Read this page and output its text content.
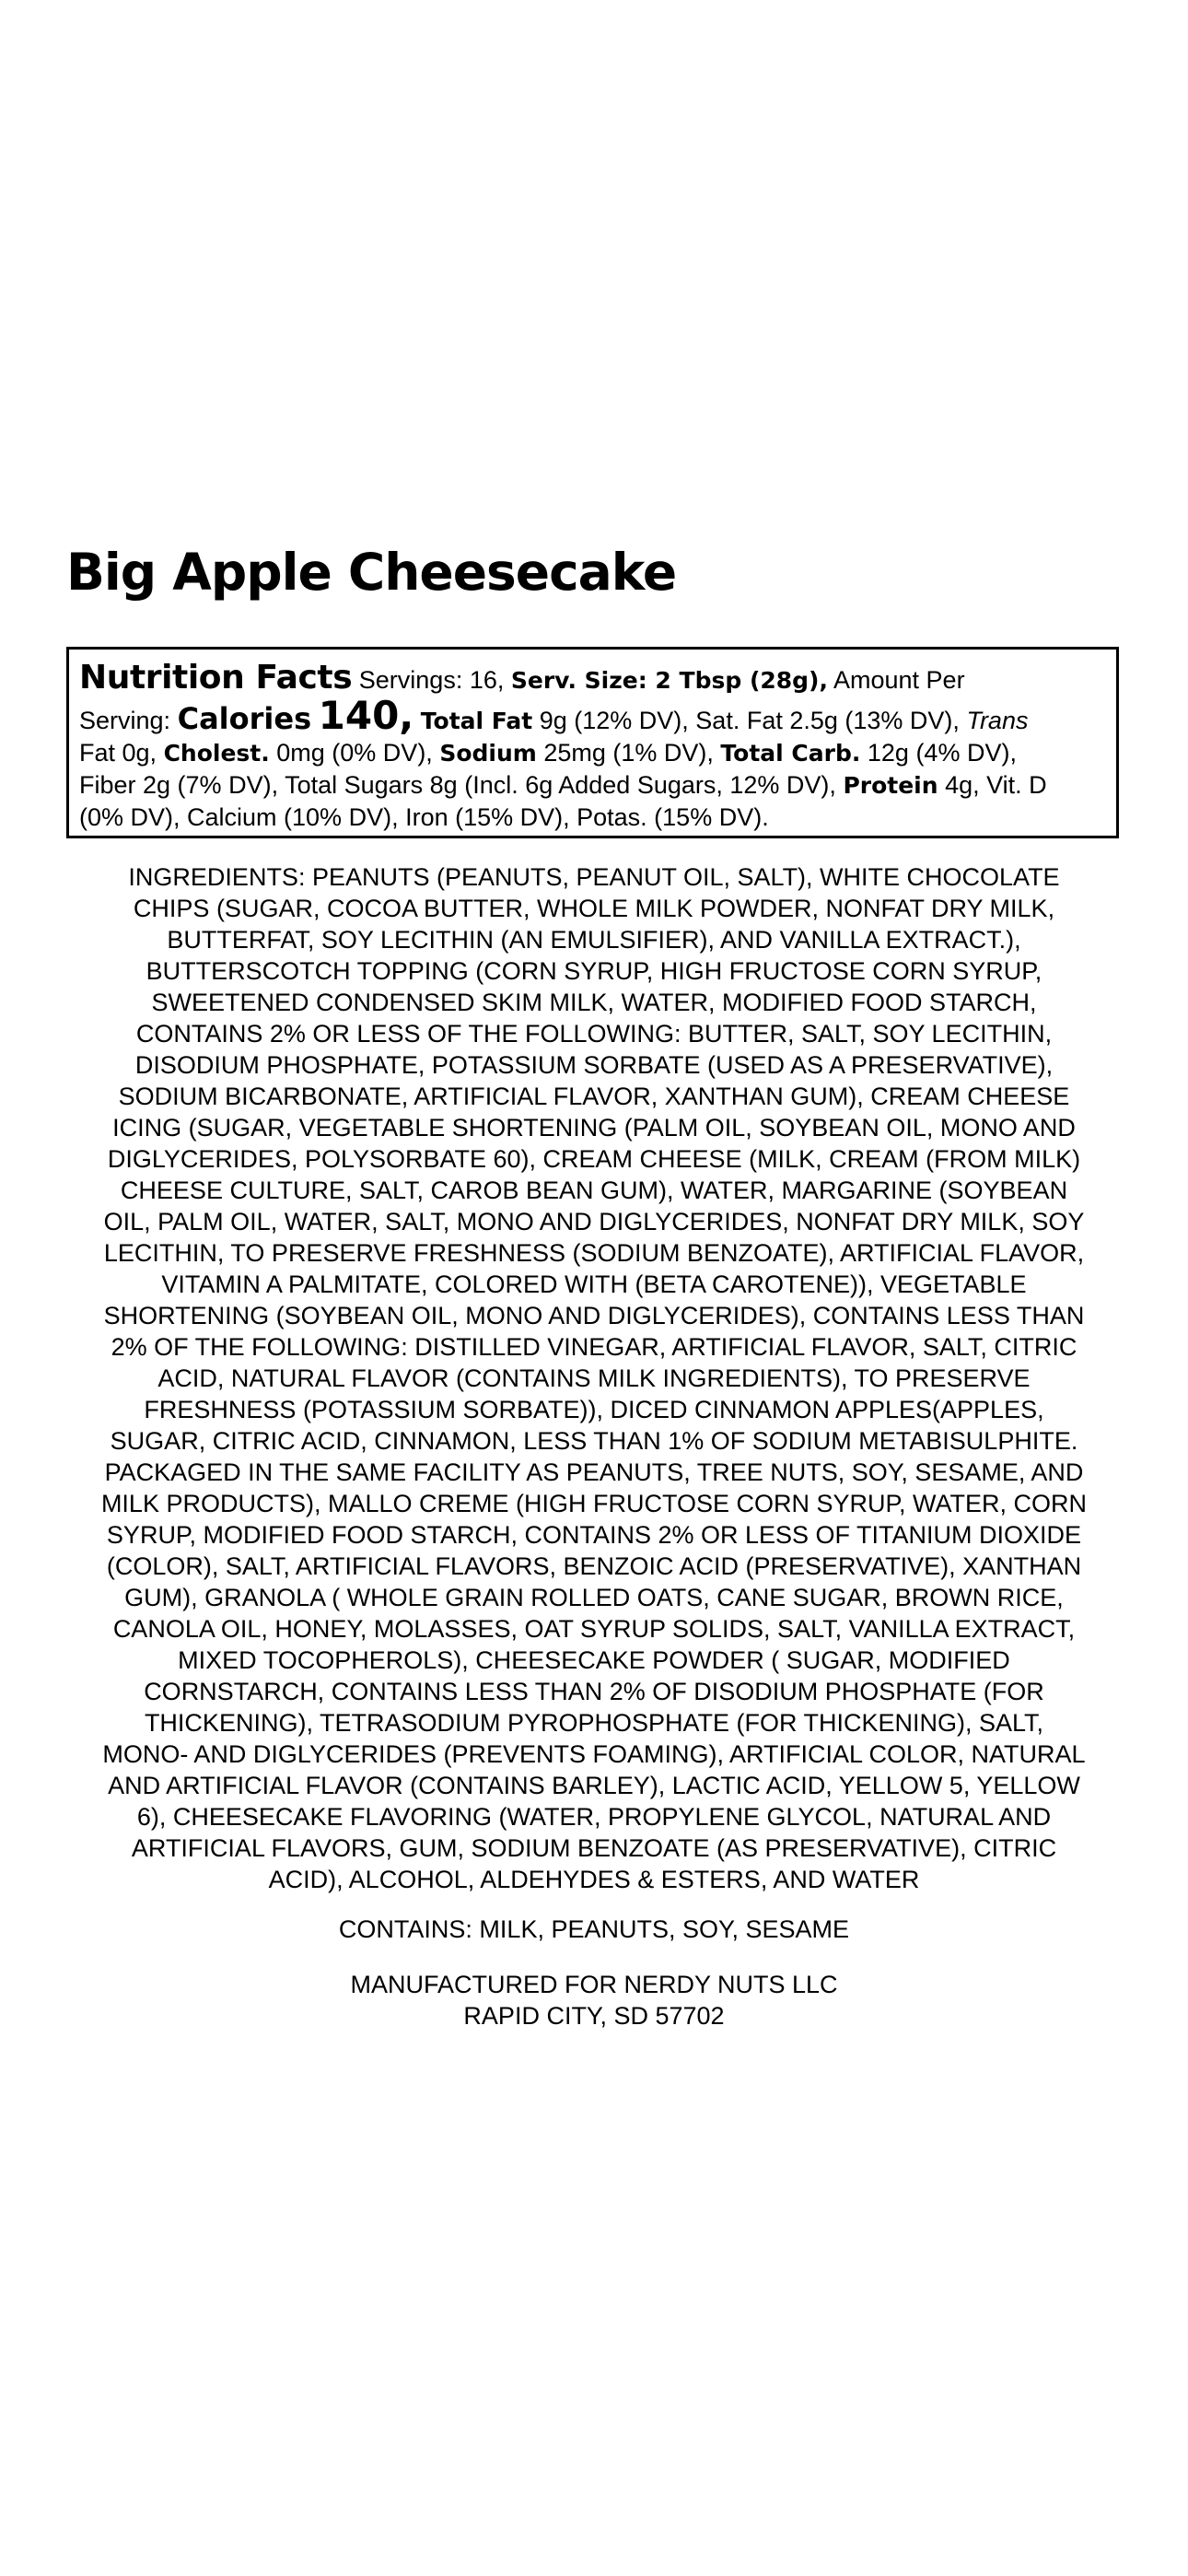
Big Apple Cheesecake
Nutrition Facts Servings: 16, Serv. Size: 2 Tbsp (28g), Amount Per
Serving: Calories 140, Total Fat 9g (12% DV), Sat. Fat 2.5g (13% DV), Trans
Fat 0g, Cholest. 0mg (0% DV), Sodium 25mg (1% DV), Total Carb. 12g (4% DV),
Fiber 2g (7% DV), Total Sugars 8g (Incl. 6g Added Sugars, 12% DV), Protein 4g, Vit. D
(0% DV), Calcium (10% DV), Iron (15% DV), Potas. (15% DV).
INGREDIENTS: PEANUTS (PEANUTS, PEANUT OIL, SALT), WHITE CHOCOLATE
CHIPS (SUGAR, COCOA BUTTER, WHOLE MILK POWDER, NONFAT DRY MILK,
BUTTERFAT, SOY LECITHIN (AN EMULSIFIER), AND VANILLA EXTRACT.),
BUTTERSCOTCH TOPPING (CORN SYRUP, HIGH FRUCTOSE CORN SYRUP,
SWEETENED CONDENSED SKIM MILK, WATER, MODIFIED FOOD STARCH,
CONTAINS 2% OR LESS OF THE FOLLOWING: BUTTER, SALT, SOY LECITHIN,
DISODIUM PHOSPHATE, POTASSIUM SORBATE (USED AS A PRESERVATIVE),
SODIUM BICARBONATE, ARTIFICIAL FLAVOR, XANTHAN GUM), CREAM CHEESE
ICING (SUGAR, VEGETABLE SHORTENING (PALM OIL, SOYBEAN OIL, MONO AND
DIGLYCERIDES, POLYSORBATE 60), CREAM CHEESE (MILK, CREAM (FROM MILK)
CHEESE CULTURE, SALT, CAROB BEAN GUM), WATER, MARGARINE (SOYBEAN
OIL, PALM OIL, WATER, SALT, MONO AND DIGLYCERIDES, NONFAT DRY MILK, SOY
LECITHIN, TO PRESERVE FRESHNESS (SODIUM BENZOATE), ARTIFICIAL FLAVOR,
VITAMIN A PALMITATE, COLORED WITH (BETA CAROTENE)), VEGETABLE
SHORTENING (SOYBEAN OIL, MONO AND DIGLYCERIDES), CONTAINS LESS THAN
2% OF THE FOLLOWING: DISTILLED VINEGAR, ARTIFICIAL FLAVOR, SALT, CITRIC
ACID, NATURAL FLAVOR (CONTAINS MILK INGREDIENTS), TO PRESERVE
FRESHNESS (POTASSIUM SORBATE)), DICED CINNAMON APPLES(APPLES,
SUGAR, CITRIC ACID, CINNAMON, LESS THAN 1% OF SODIUM METABISULPHITE.
PACKAGED IN THE SAME FACILITY AS PEANUTS, TREE NUTS, SOY, SESAME, AND
MILK PRODUCTS), MALLO CREME (HIGH FRUCTOSE CORN SYRUP, WATER, CORN
SYRUP, MODIFIED FOOD STARCH, CONTAINS 2% OR LESS OF TITANIUM DIOXIDE
(COLOR), SALT, ARTIFICIAL FLAVORS, BENZOIC ACID (PRESERVATIVE), XANTHAN
GUM), GRANOLA ( WHOLE GRAIN ROLLED OATS, CANE SUGAR, BROWN RICE,
CANOLA OIL, HONEY, MOLASSES, OAT SYRUP SOLIDS, SALT, VANILLA EXTRACT,
MIXED TOCOPHEROLS), CHEESECAKE POWDER ( SUGAR, MODIFIED
CORNSTARCH, CONTAINS LESS THAN 2% OF DISODIUM PHOSPHATE (FOR
THICKENING), TETRASODIUM PYROPHOSPHATE (FOR THICKENING), SALT,
MONO- AND DIGLYCERIDES (PREVENTS FOAMING), ARTIFICIAL COLOR, NATURAL
AND ARTIFICIAL FLAVOR (CONTAINS BARLEY), LACTIC ACID, YELLOW 5, YELLOW
6), CHEESECAKE FLAVORING (WATER, PROPYLENE GLYCOL, NATURAL AND
ARTIFICIAL FLAVORS, GUM, SODIUM BENZOATE (AS PRESERVATIVE), CITRIC
ACID), ALCOHOL, ALDEHYDES & ESTERS, AND WATER

CONTAINS: MILK, PEANUTS, SOY, SESAME

MANUFACTURED FOR NERDY NUTS LLC
RAPID CITY, SD 57702
